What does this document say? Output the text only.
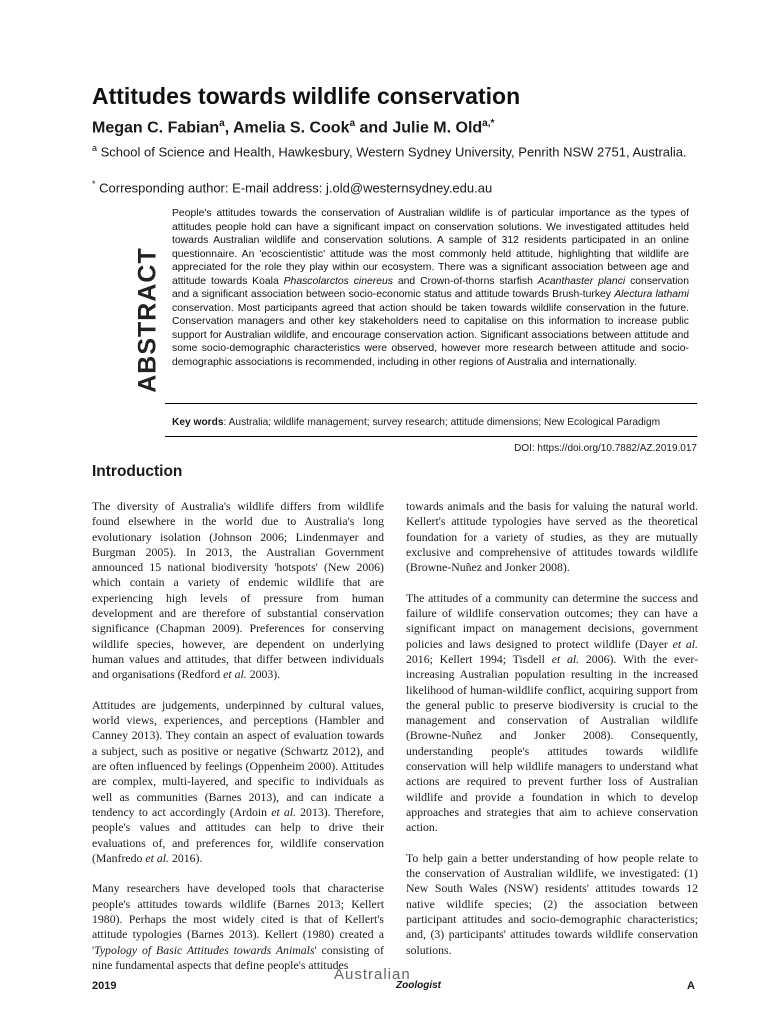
Attitudes towards wildlife conservation
Megan C. Fabian$^a$, Amelia S. Cook$^a$ and Julie M. Old$^{a,*}$
$^a$ School of Science and Health, Hawkesbury, Western Sydney University, Penrith NSW 2751, Australia.
* Corresponding author: E-mail address: j.old@westernsydney.edu.au
ABSTRACT

People's attitudes towards the conservation of Australian wildlife is of particular importance as the types of attitudes people hold can have a significant impact on conservation solutions. We investigated attitudes held towards Australian wildlife and conservation solutions. A sample of 312 residents participated in an online questionnaire. An 'ecoscientistic' attitude was the most commonly held attitude, highlighting that wildlife are appreciated for the role they play within our ecosystem. There was a significant association between age and attitude towards Koala Phascolarctos cinereus and Crown-of-thorns starfish Acanthaster planci conservation and a significant association between socio-economic status and attitude towards Brush-turkey Alectura lathami conservation. Most participants agreed that action should be taken towards wildlife conservation in the future. Conservation managers and other key stakeholders need to capitalise on this information to increase public support for Australian wildlife, and encourage conservation action. Significant associations between attitude and some socio-demographic characteristics were observed, however more research between attitude and socio-demographic associations is recommended, including in other regions of Australia and internationally.

Key words: Australia; wildlife management; survey research; attitude dimensions; New Ecological Paradigm
DOI: https://doi.org/10.7882/AZ.2019.017
Introduction

The diversity of Australia's wildlife differs from wildlife found elsewhere in the world due to Australia's long evolutionary isolation (Johnson 2006; Lindenmayer and Burgman 2005). In 2013, the Australian Government announced 15 national biodiversity 'hotspots' (New 2006) which contain a variety of endemic wildlife that are experiencing high levels of pressure from human development and are therefore of substantial conservation significance (Chapman 2009). Preferences for conserving wildlife species, however, are dependent on underlying human values and attitudes, that differ between individuals and organisations (Redford et al. 2003).

Attitudes are judgements, underpinned by cultural values, world views, experiences, and perceptions (Hambler and Canney 2013). They contain an aspect of evaluation towards a subject, such as positive or negative (Schwartz 2012), and are often influenced by feelings (Oppenheim 2000). Attitudes are complex, multi-layered, and specific to individuals as well as communities (Barnes 2013), and can indicate a tendency to act accordingly (Ardoin et al. 2013). Therefore, people's values and attitudes can help to drive their evaluations of, and preferences for, wildlife conservation (Manfredo et al. 2016).

Many researchers have developed tools that characterise people's attitudes towards wildlife (Barnes 2013; Kellert 1980). Perhaps the most widely cited is that of Kellert's attitude typologies (Barnes 2013). Kellert (1980) created a 'Typology of Basic Attitudes towards Animals' consisting of nine fundamental aspects that define people's attitudes

towards animals and the basis for valuing the natural world. Kellert's attitude typologies have served as the theoretical foundation for a variety of studies, as they are mutually exclusive and comprehensive of attitudes towards wildlife (Browne-Nuñez and Jonker 2008).

The attitudes of a community can determine the success and failure of wildlife conservation outcomes; they can have a significant impact on management decisions, government policies and laws designed to protect wildlife (Dayer et al. 2016; Kellert 1994; Tisdell et al. 2006). With the ever-increasing Australian population resulting in the increased likelihood of human-wildlife conflict, acquiring support from the general public to preserve biodiversity is crucial to the management and conservation of Australian wildlife (Browne-Nuñez and Jonker 2008). Consequently, understanding people's attitudes towards wildlife conservation will help wildlife managers to understand what actions are required to prevent further loss of Australian wildlife and provide a foundation in which to develop approaches and strategies that aim to achieve conservation action.

To help gain a better understanding of how people relate to the conservation of Australian wildlife, we investigated: (1) New South Wales (NSW) residents' attitudes towards 12 native wildlife species; (2) the association between participant attitudes and socio-demographic characteristics; and, (3) participants' attitudes towards wildlife conservation solutions.

2019
Australian
Zoologist	A
